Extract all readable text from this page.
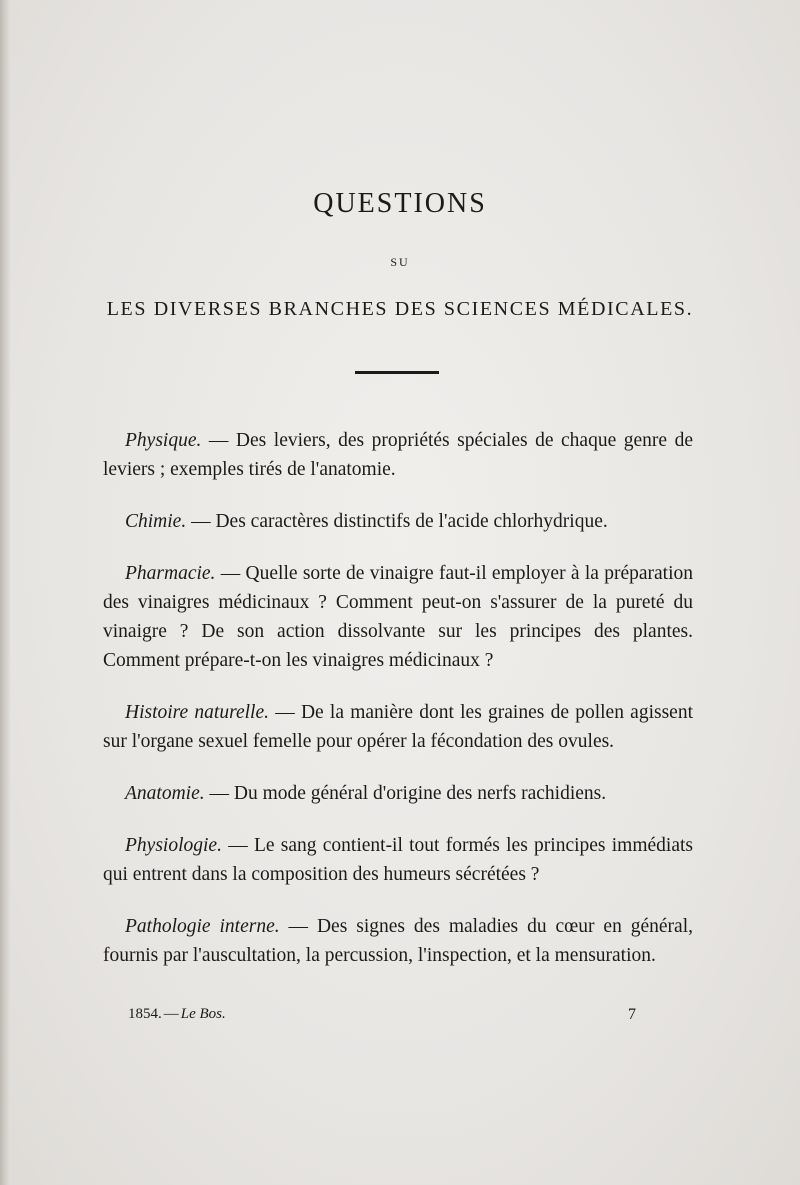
QUESTIONS
SU
LES DIVERSES BRANCHES DES SCIENCES MÉDICALES.

Physique. — Des leviers, des propriétés spéciales de chaque genre de leviers ; exemples tirés de l'anatomie.

Chimie. — Des caractères distinctifs de l'acide chlorhydrique.

Pharmacie. — Quelle sorte de vinaigre faut-il employer à la préparation des vinaigres médicinaux ? Comment peut-on s'assurer de la pureté du vinaigre ? De son action dissolvante sur les principes des plantes. Comment prépare-t-on les vinaigres médicinaux ?

Histoire naturelle. — De la manière dont les graines de pollen agissent sur l'organe sexuel femelle pour opérer la fécondation des ovules.

Anatomie. — Du mode général d'origine des nerfs rachidiens.

Physiologie. — Le sang contient-il tout formés les principes immédiats qui entrent dans la composition des humeurs sécrétées ?

Pathologie interne. — Des signes des maladies du cœur en général, fournis par l'auscultation, la percussion, l'inspection, et la mensuration.

1854. — Le Bos.	7
